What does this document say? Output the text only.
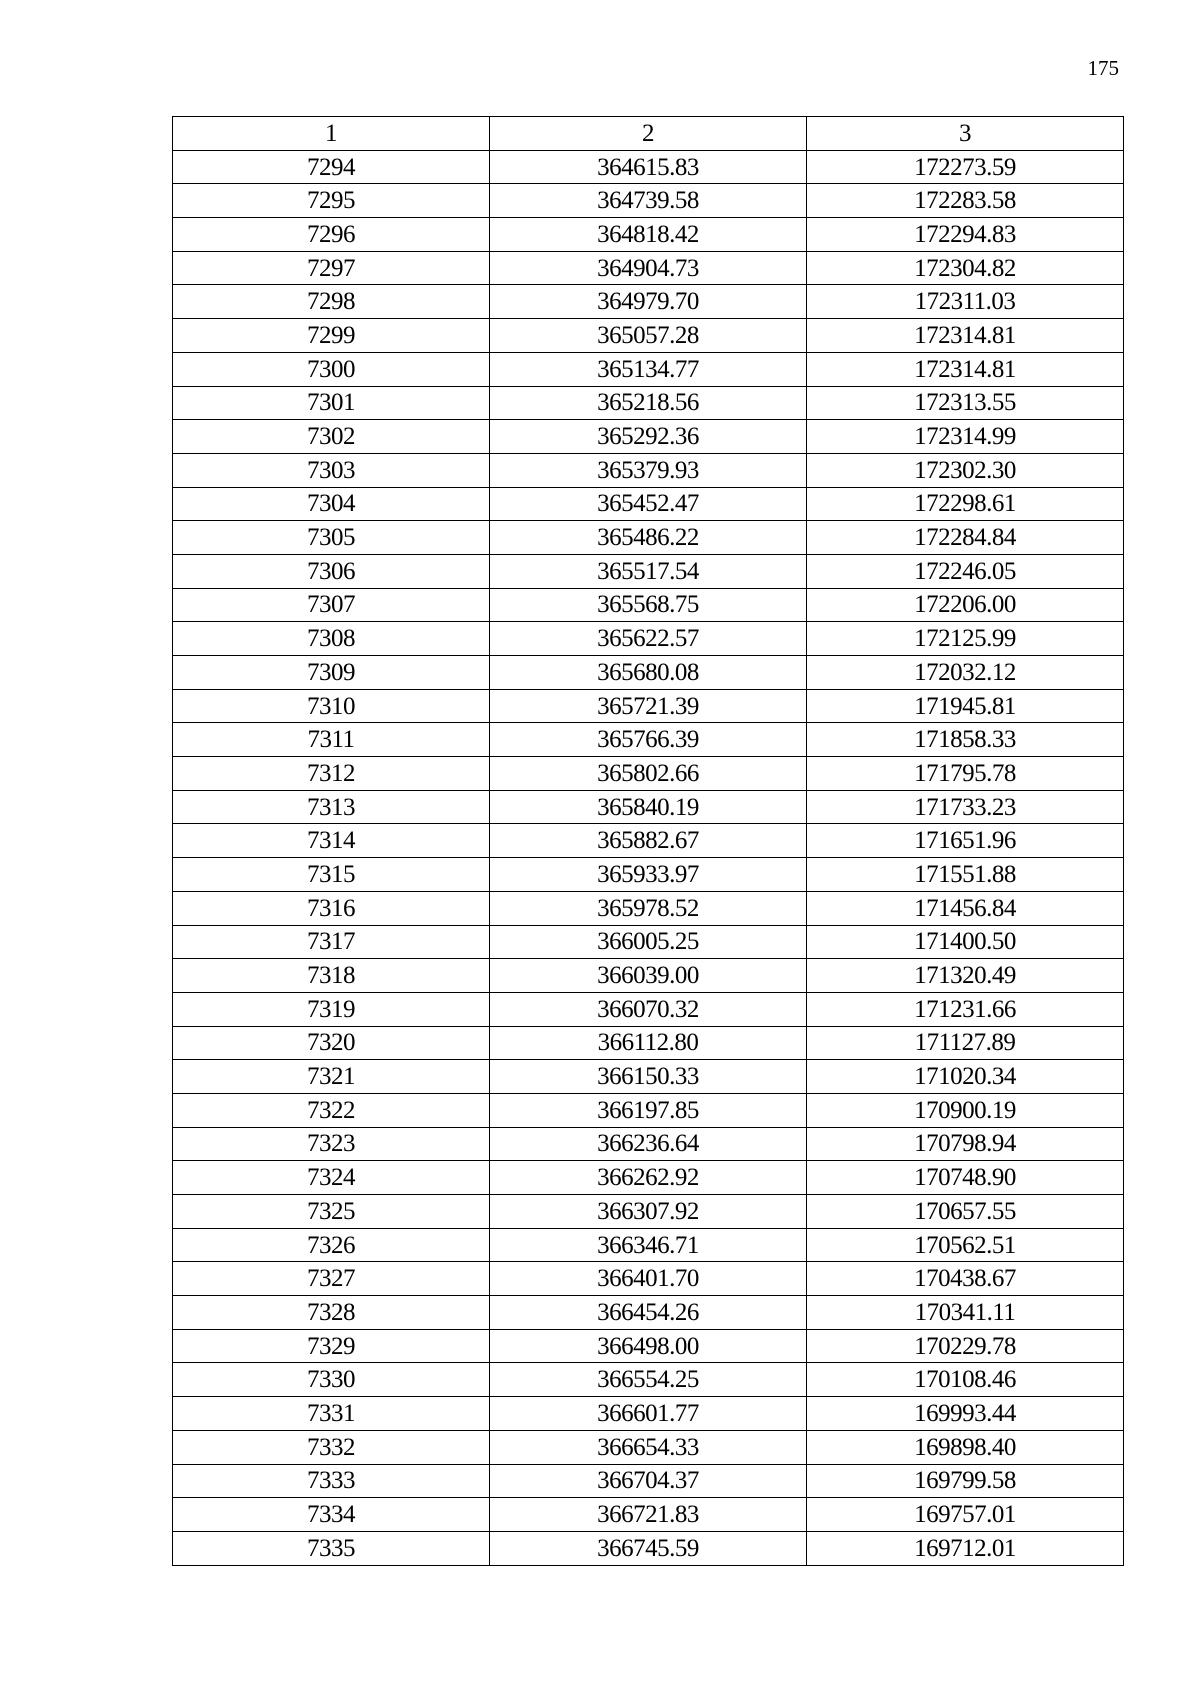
175
1	2	3
7294	364615.83	172273.59
7295	364739.58	172283.58
7296	364818.42	172294.83
7297	364904.73	172304.82
7298	364979.70	172311.03
7299	365057.28	172314.81
7300	365134.77	172314.81
7301	365218.56	172313.55
7302	365292.36	172314.99
7303	365379.93	172302.30
7304	365452.47	172298.61
7305	365486.22	172284.84
7306	365517.54	172246.05
7307	365568.75	172206.00
7308	365622.57	172125.99
7309	365680.08	172032.12
7310	365721.39	171945.81
7311	365766.39	171858.33
7312	365802.66	171795.78
7313	365840.19	171733.23
7314	365882.67	171651.96
7315	365933.97	171551.88
7316	365978.52	171456.84
7317	366005.25	171400.50
7318	366039.00	171320.49
7319	366070.32	171231.66
7320	366112.80	171127.89
7321	366150.33	171020.34
7322	366197.85	170900.19
7323	366236.64	170798.94
7324	366262.92	170748.90
7325	366307.92	170657.55
7326	366346.71	170562.51
7327	366401.70	170438.67
7328	366454.26	170341.11
7329	366498.00	170229.78
7330	366554.25	170108.46
7331	366601.77	169993.44
7332	366654.33	169898.40
7333	366704.37	169799.58
7334	366721.83	169757.01
7335	366745.59	169712.01
